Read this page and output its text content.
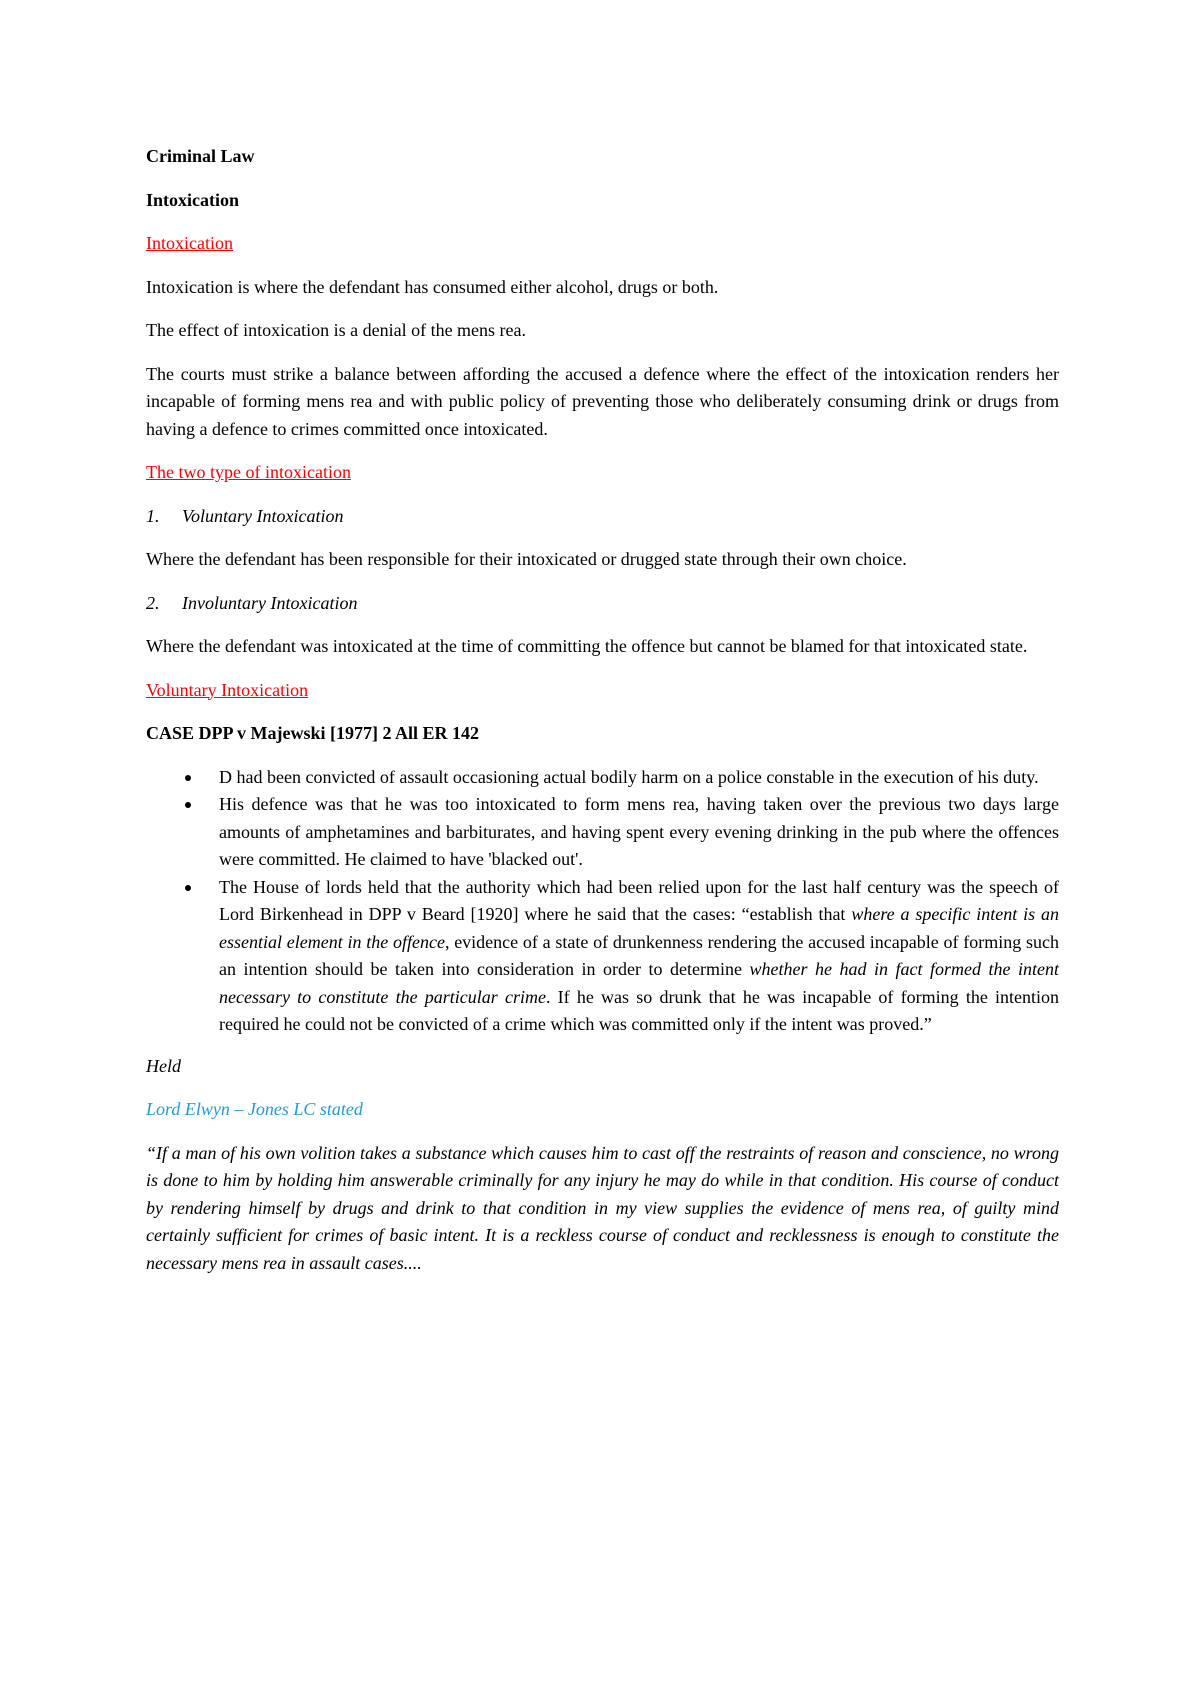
Criminal Law

Intoxication

Intoxication

Intoxication is where the defendant has consumed either alcohol, drugs or both.

The effect of intoxication is a denial of the mens rea.

The courts must strike a balance between affording the accused a defence where the effect of the intoxication renders her incapable of forming mens rea and with public policy of preventing those who deliberately consuming drink or drugs from having a defence to crimes committed once intoxicated.

The two type of intoxication

1.	Voluntary Intoxication

Where the defendant has been responsible for their intoxicated or drugged state through their own choice.

2.	Involuntary Intoxication

Where the defendant was intoxicated at the time of committing the offence but cannot be blamed for that intoxicated state.

Voluntary Intoxication

CASE DPP v Majewski [1977] 2 All ER 142

D had been convicted of assault occasioning actual bodily harm on a police constable in the execution of his duty.
His defence was that he was too intoxicated to form mens rea, having taken over the previous two days large amounts of amphetamines and barbiturates, and having spent every evening drinking in the pub where the offences were committed. He claimed to have 'blacked out'.
The House of lords held that the authority which had been relied upon for the last half century was the speech of Lord Birkenhead in DPP v Beard [1920] where he said that the cases: “establish that where a specific intent is an essential element in the offence, evidence of a state of drunkenness rendering the accused incapable of forming such an intention should be taken into consideration in order to determine whether he had in fact formed the intent necessary to constitute the particular crime. If he was so drunk that he was incapable of forming the intention required he could not be convicted of a crime which was committed only if the intent was proved.”

Held

Lord Elwyn – Jones LC stated

“If a man of his own volition takes a substance which causes him to cast off the restraints of reason and conscience, no wrong is done to him by holding him answerable criminally for any injury he may do while in that condition. His course of conduct by rendering himself by drugs and drink to that condition in my view supplies the evidence of mens rea, of guilty mind certainly sufficient for crimes of basic intent. It is a reckless course of conduct and recklessness is enough to constitute the necessary mens rea in assault cases....
